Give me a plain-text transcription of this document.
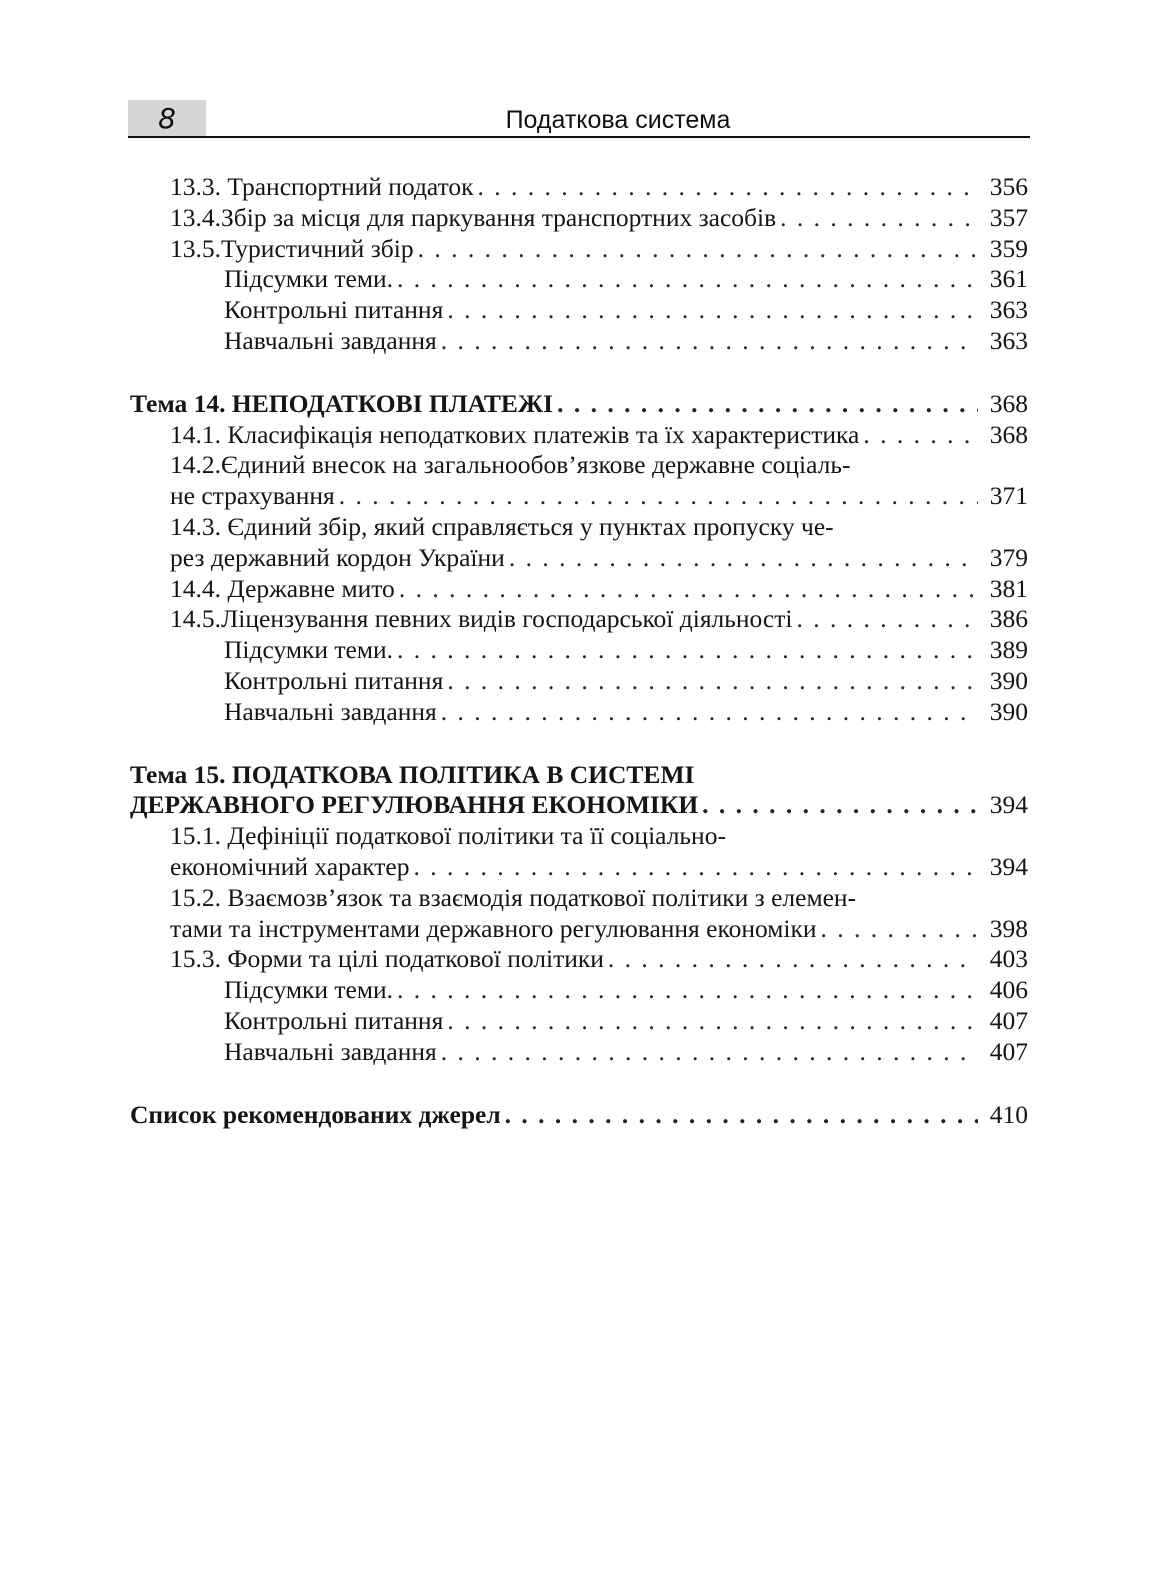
8	Податкова система
13.3. Транспортний податок . . .	356
13.4.Збір за місця для паркування транспортних засобів . . .	357
13.5.Туристичний збір . . .	359
Підсумки теми. . . .	361
Контрольні питання . . .	363
Навчальні завдання . . .	363
Тема 14. НЕПОДАТКОВІ ПЛАТЕЖІ . . .	368
14.1. Класифікація неподаткових платежів та їх характеристика . . .	368
14.2.Єдиний внесок на загальнообов’язкове державне соціаль-
не страхування . . .	371
14.3. Єдиний збір, який справляється у пунктах пропуску че-
рез державний кордон України . . .	379
14.4. Державне мито . . .	381
14.5.Ліцензування певних видів господарської діяльності . . .	386
Підсумки теми. . . .	389
Контрольні питання . . .	390
Навчальні завдання . . .	390
Тема 15. ПОДАТКОВА ПОЛІТИКА В СИСТЕМІ
ДЕРЖАВНОГО РЕГУЛЮВАННЯ ЕКОНОМІКИ . . .	394
15.1. Дефініції податкової політики та її соціально-
економічний характер . . .	394
15.2. Взаємозв’язок та взаємодія податкової політики з елемен-
тами та інструментами державного регулювання економіки . . .	398
15.3. Форми та цілі податкової політики . . .	403
Підсумки теми. . . .	406
Контрольні питання . . .	407
Навчальні завдання . . .	407
Список рекомендованих джерел . . .	410
